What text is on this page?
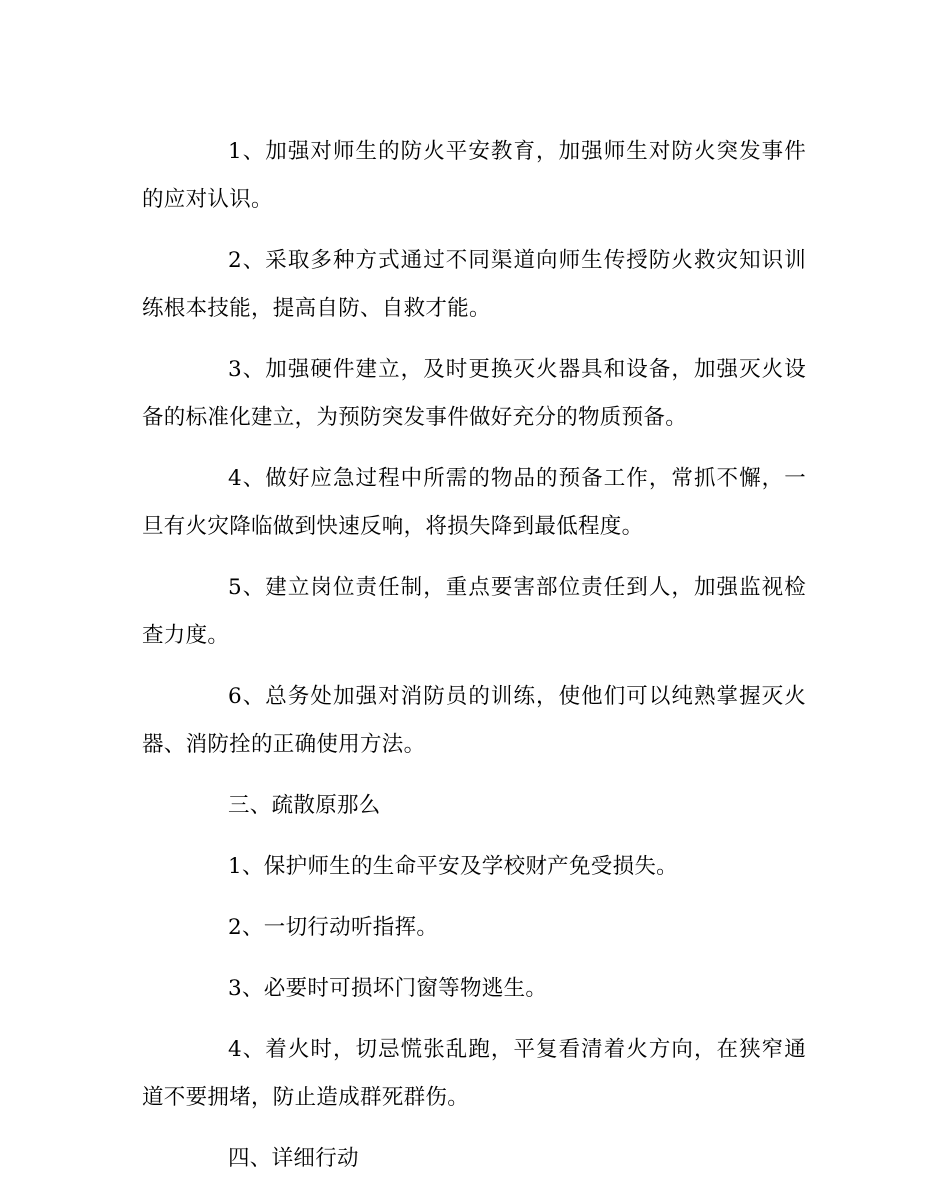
1、加强对师生的防火平安教育，加强师生对防火突发事件的应对认识。

2、采取多种方式通过不同渠道向师生传授防火救灾知识训练根本技能，提高自防、自救才能。

3、加强硬件建立，及时更换灭火器具和设备，加强灭火设备的标准化建立，为预防突发事件做好充分的物质预备。

4、做好应急过程中所需的物品的预备工作，常抓不懈，一旦有火灾降临做到快速反响，将损失降到最低程度。

5、建立岗位责任制，重点要害部位责任到人，加强监视检查力度。

6、总务处加强对消防员的训练，使他们可以纯熟掌握灭火器、消防拴的正确使用方法。

三、疏散原那么

1、保护师生的生命平安及学校财产免受损失。

2、一切行动听指挥。

3、必要时可损坏门窗等物逃生。

4、着火时，切忌慌张乱跑，平复看清着火方向，在狭窄通道不要拥堵，防止造成群死群伤。

四、详细行动
